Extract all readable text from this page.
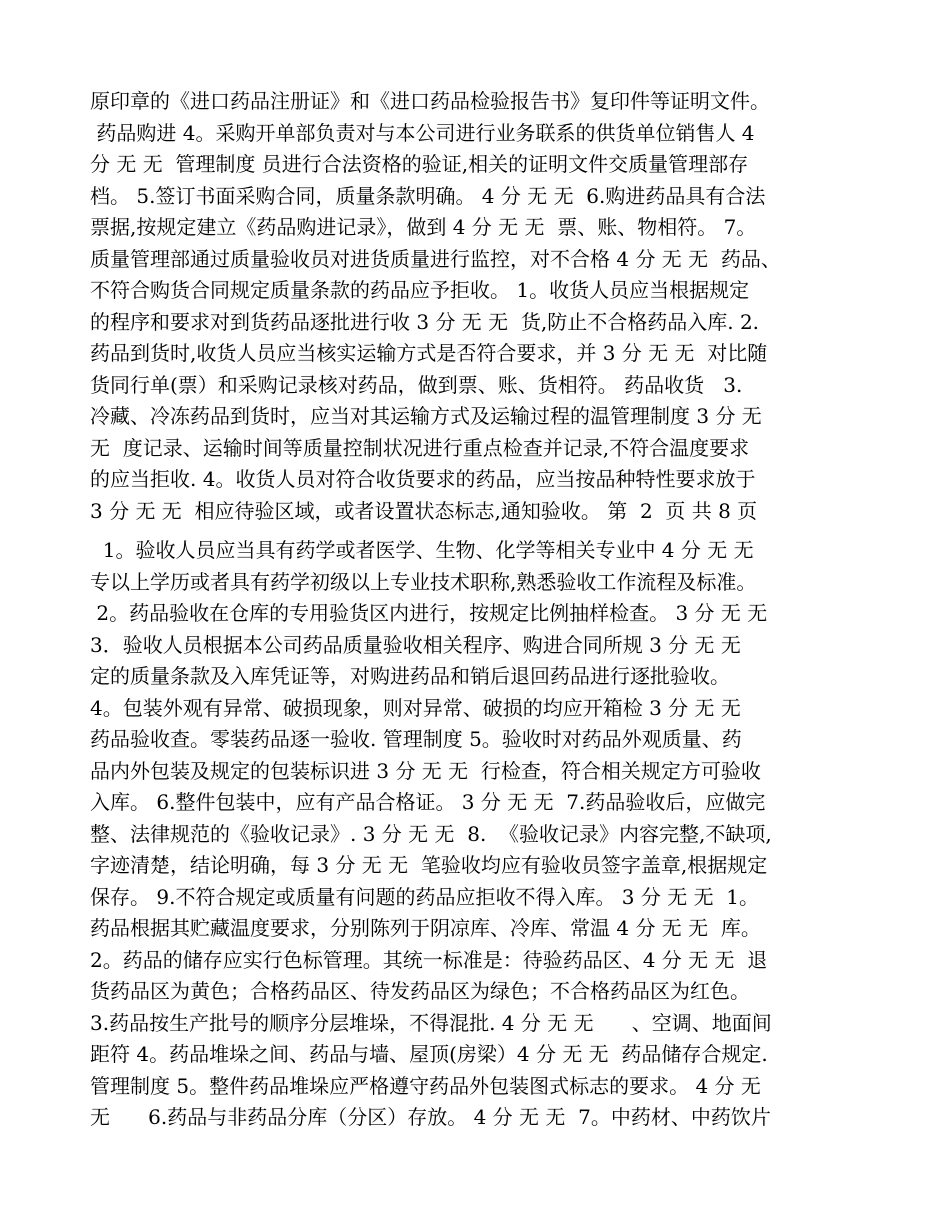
原印章的《进口药品注册证》和《进口药品检验报告书》复印件等证明文件。
药品购进 4。采购开单部负责对与本公司进行业务联系的供货单位销售人 4
分 无 无  管理制度 员进行合法资格的验证,相关的证明文件交质量管理部存
档。 5.签订书面采购合同，质量条款明确。 4 分 无 无  6.购进药品具有合法
票据,按规定建立《药品购进记录》，做到 4 分 无 无  票、账、物相符。 7。
质量管理部通过质量验收员对进货质量进行监控，对不合格 4 分 无 无  药品、
不符合购货合同规定质量条款的药品应予拒收。 1。收货人员应当根据规定
的程序和要求对到货药品逐批进行收 3 分 无 无  货,防止不合格药品入库. 2.
药品到货时,收货人员应当核实运输方式是否符合要求，并 3 分 无 无  对比随
货同行单(票）和采购记录核对药品，做到票、账、货相符。 药品收货   3.
冷藏、冷冻药品到货时，应当对其运输方式及运输过程的温管理制度 3 分 无
无  度记录、运输时间等质量控制状况进行重点检查并记录,不符合温度要求
的应当拒收. 4。收货人员对符合收货要求的药品，应当按品种特性要求放于
3 分 无 无  相应待验区域，或者设置状态标志,通知验收。 第  2  页 共 8 页
1。验收人员应当具有药学或者医学、生物、化学等相关专业中 4 分 无 无
专以上学历或者具有药学初级以上专业技术职称,熟悉验收工作流程及标准。
2。药品验收在仓库的专用验货区内进行，按规定比例抽样检查。 3 分 无 无
3．验收人员根据本公司药品质量验收相关程序、购进合同所规 3 分 无 无
定的质量条款及入库凭证等，对购进药品和销后退回药品进行逐批验收。
4。包装外观有异常、破损现象，则对异常、破损的均应开箱检 3 分 无 无
药品验收查。零装药品逐一验收. 管理制度 5。验收时对药品外观质量、药
品内外包装及规定的包装标识进 3 分 无 无  行检查，符合相关规定方可验收
入库。 6.整件包装中，应有产品合格证。 3 分 无 无  7.药品验收后，应做完
整、法律规范的《验收记录》. 3 分 无 无  8.  《验收记录》内容完整,不缺项,
字迹清楚，结论明确，每 3 分 无 无  笔验收均应有验收员签字盖章,根据规定
保存。 9.不符合规定或质量有问题的药品应拒收不得入库。 3 分 无 无  1。
药品根据其贮藏温度要求，分别陈列于阴凉库、冷库、常温 4 分 无 无  库。
2。药品的储存应实行色标管理。其统一标准是：待验药品区、4 分 无 无  退
货药品区为黄色；合格药品区、待发药品区为绿色；不合格药品区为红色。
3.药品按生产批号的顺序分层堆垛，不得混批. 4 分 无 无      、空调、地面间
距符 4。药品堆垛之间、药品与墙、屋顶(房梁）4 分 无 无  药品储存合规定.
管理制度 5。整件药品堆垛应严格遵守药品外包装图式标志的要求。 4 分 无
无      6.药品与非药品分库（分区）存放。 4 分 无 无  7。中药材、中药饮片
